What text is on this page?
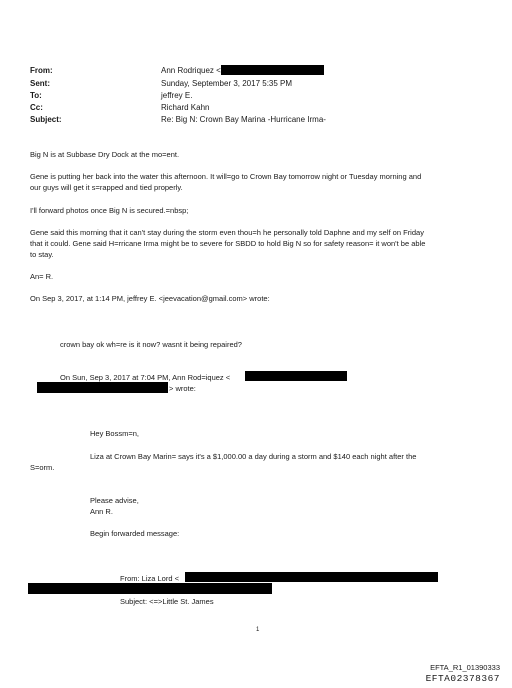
From:	Ann Rodriquez <
Sent:	Sunday, September 3, 2017 5:35 PM
To:	jeffrey E.
Cc:	Richard Kahn
Subject:	Re: Big N: Crown Bay Marina -Hurricane Irma-
Big N is at Subbase Dry Dock at the mo=ent.
Gene is putting her back into the water this afternoon. It will=go to Crown Bay tomorrow night or Tuesday morning and
our guys will get it s=rapped and tied properly.
I'll forward photos once Big N is secured.=nbsp;
Gene said this morning that it can't stay during the storm even thou=h he personally told Daphne and my self on Friday
that it could. Gene said H=rricane Irma might be to severe for SBDD to hold Big N so for safety reason= it won't be able
to stay.
An= R.
On Sep 3, 2017, at 1:14 PM, jeffrey E. <jeevacation@gmail.com> wrote:
crown bay ok wh=re is it now? wasnt it being repaired?
On Sun, Sep 3, 2017 at 7:04 PM, Ann Rod=iquez <
> wrote:
Hey Bossm=n,
Liza at Crown Bay Marin= says it's a $1,000.00 a day during a storm and $140 each night after the
S=orm.
Please advise,
Ann R.
Begin forwarded message:
From: Liza Lord <
Subject: <=>Little St. James
1
EFTA_R1_01390333
EFTA02378367
